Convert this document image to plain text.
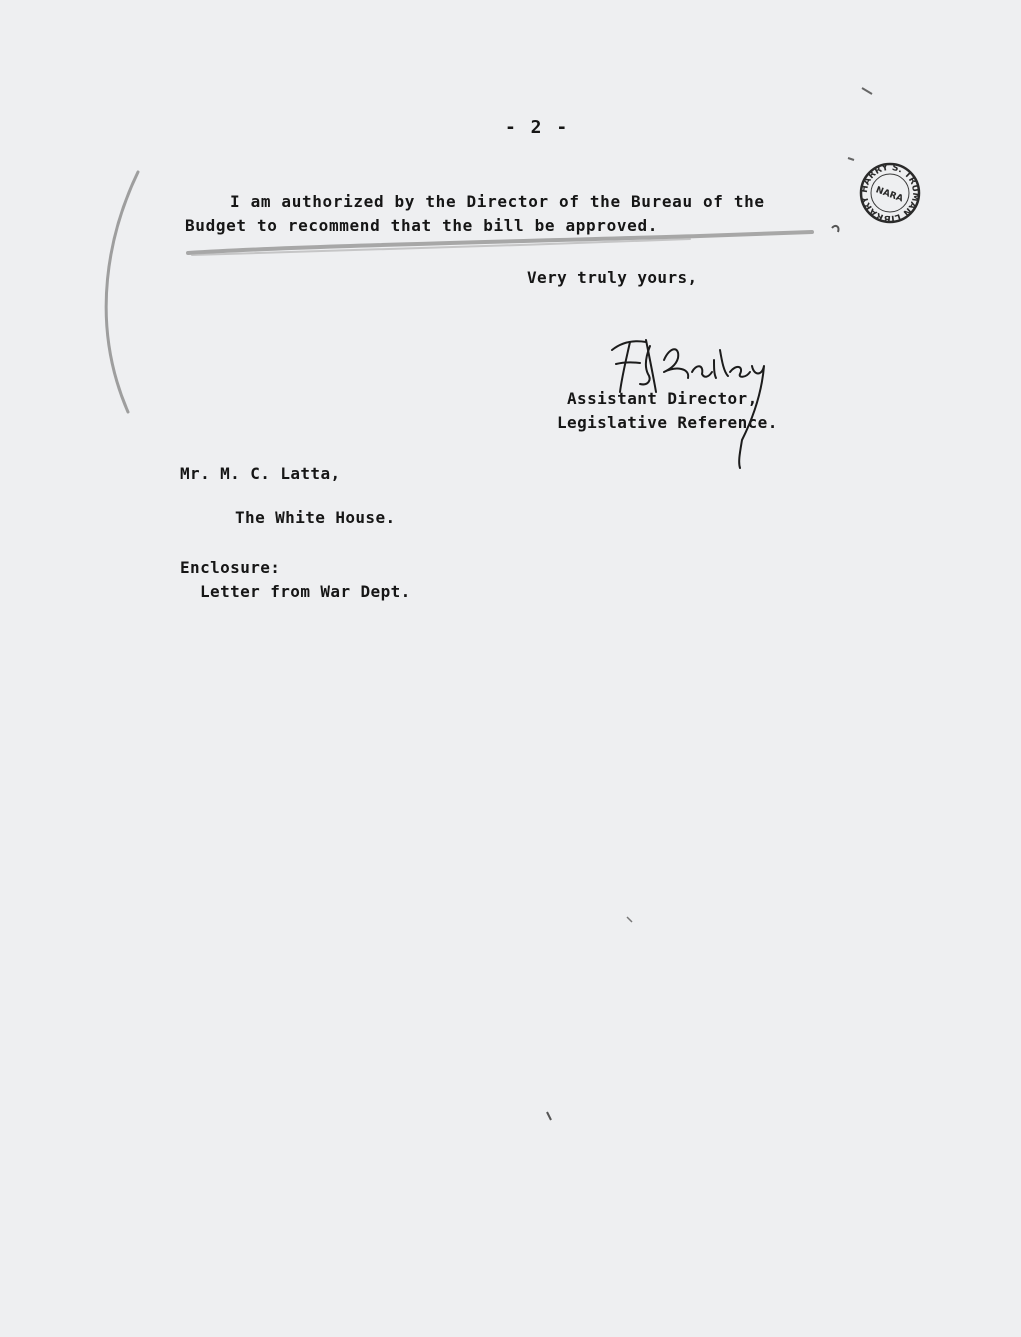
- 2 -
I am authorized by the Director of the Bureau of the
Budget to recommend that the bill be approved.
Very truly yours,
Assistant Director,
Legislative Reference.
Mr. M. C. Latta,
The White House.
Enclosure:
Letter from War Dept.
HARRY S. TRUMAN LIBRARY NARA
